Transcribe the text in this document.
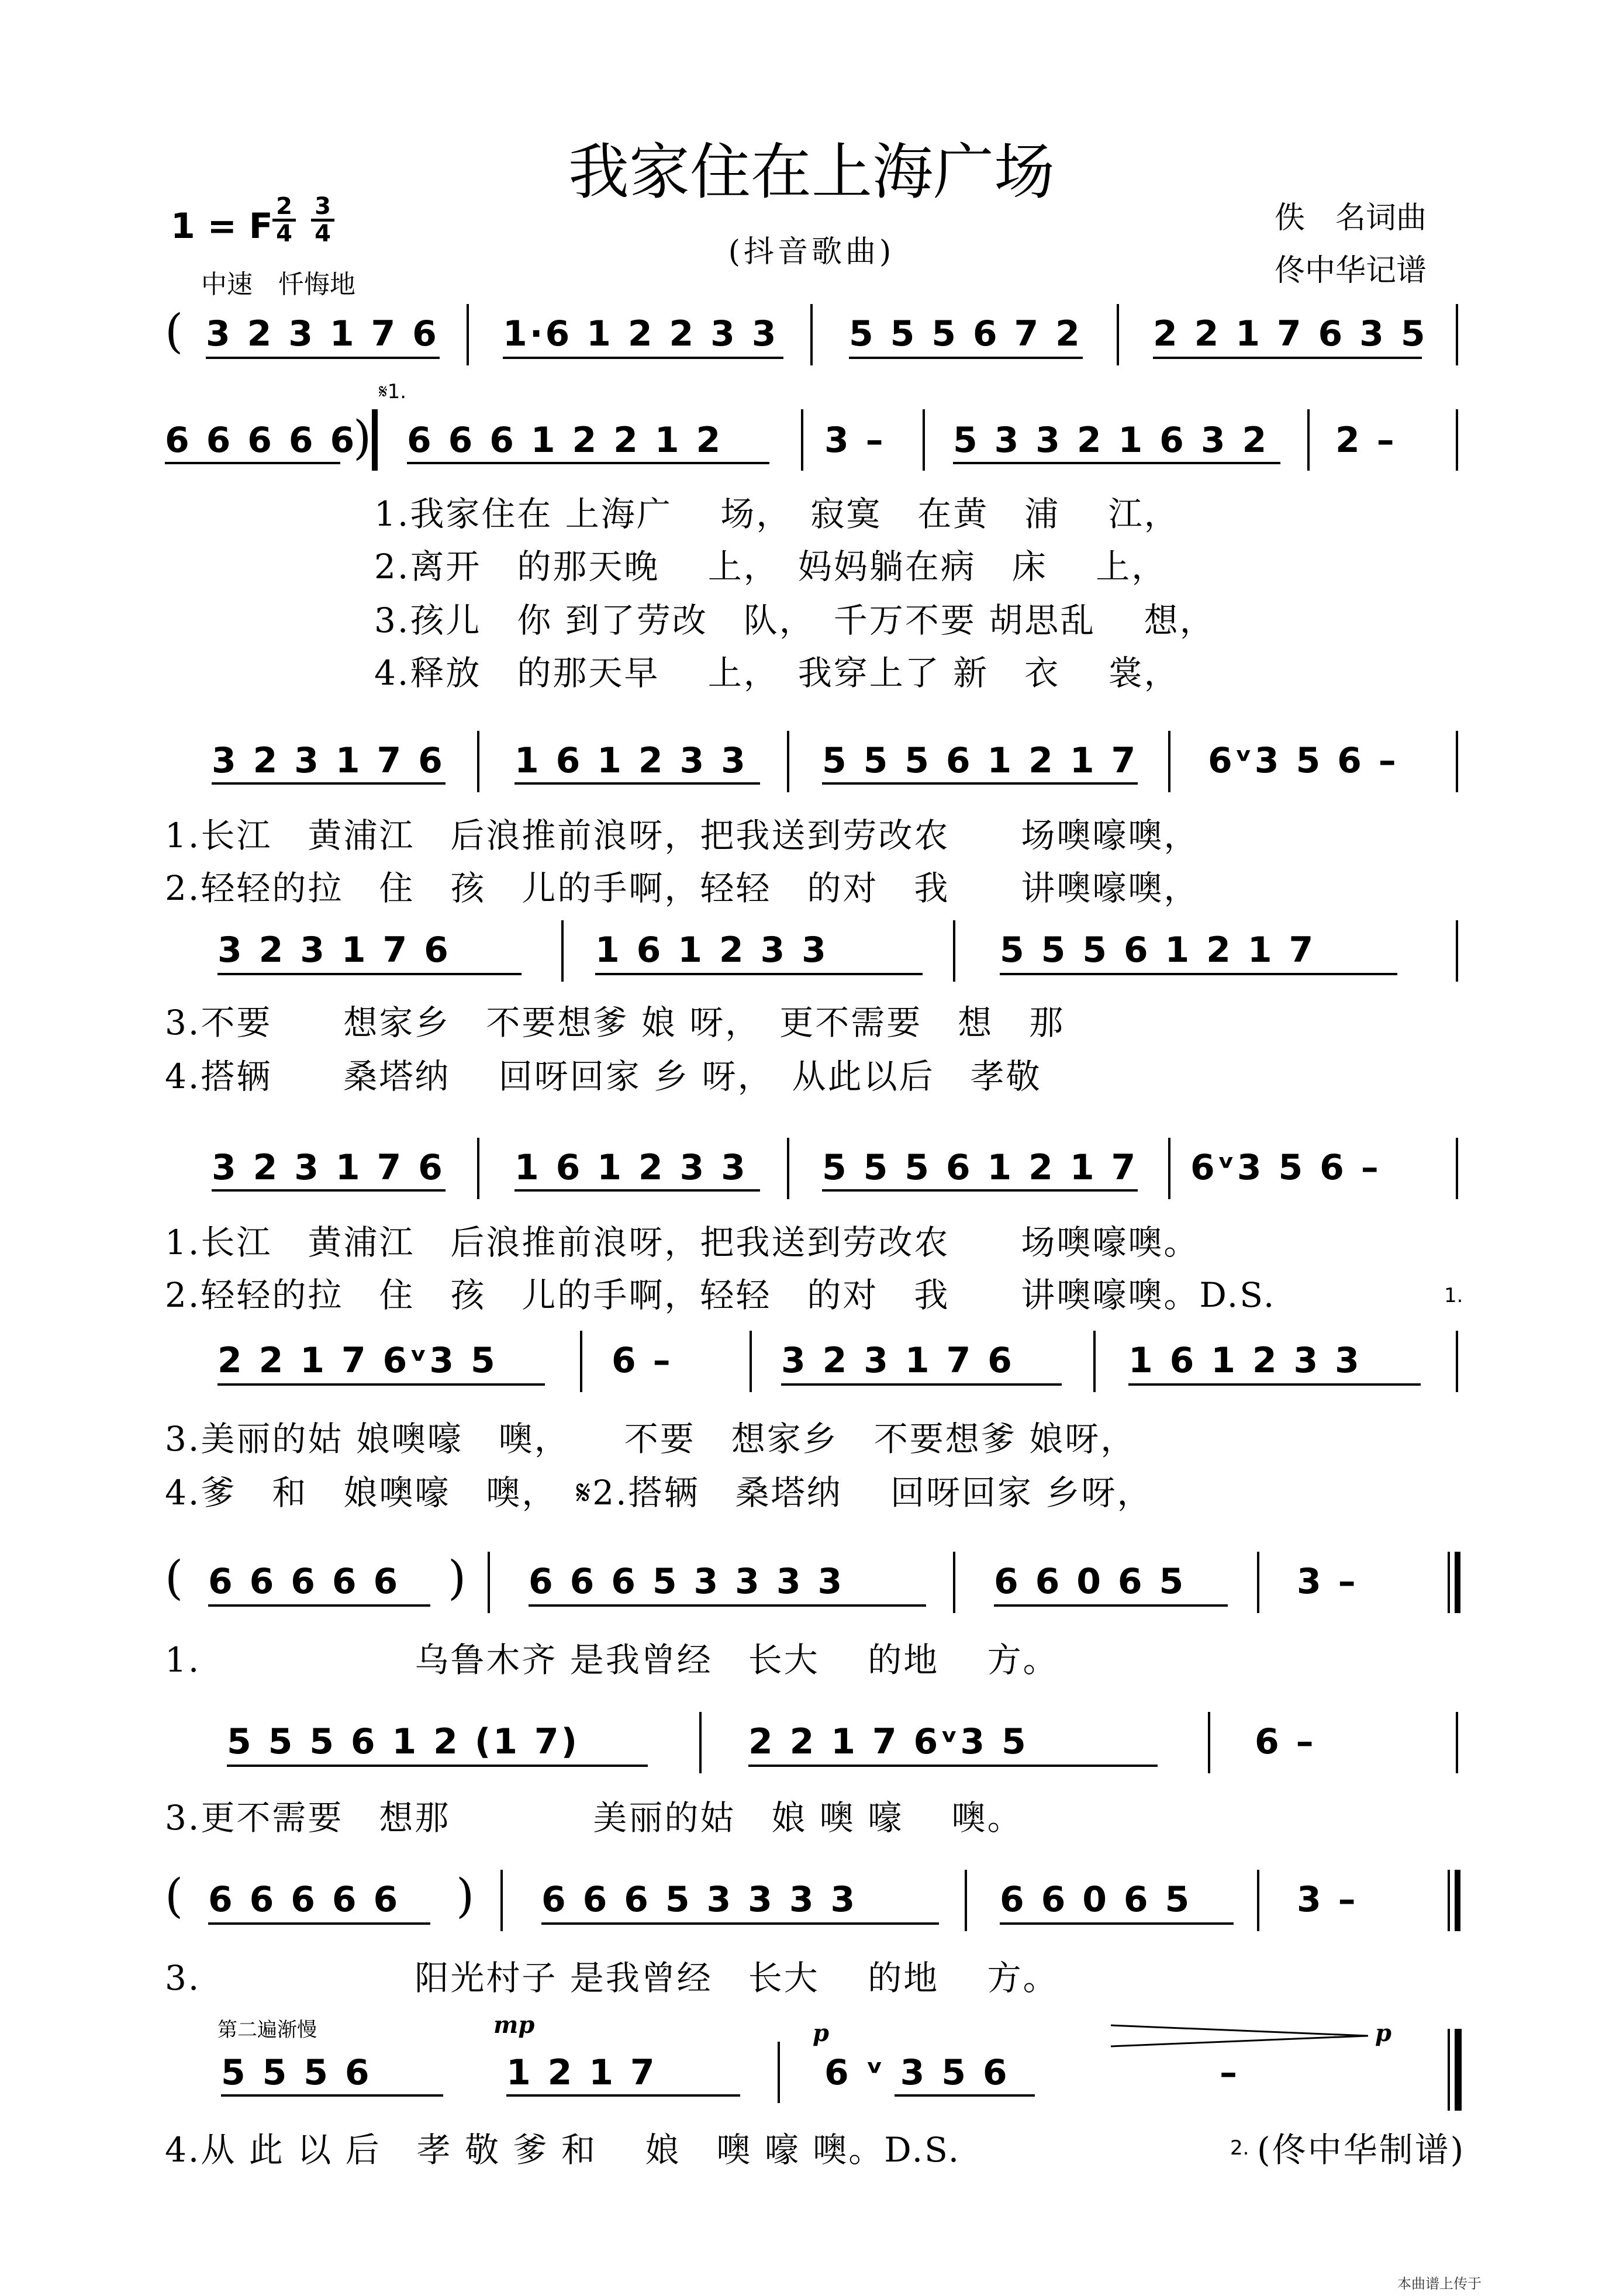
我家住在上海广场
(抖音歌曲)
佚　名词曲
佟中华记谱
1 = F 2
4
3
4
中速　忏悔地
( 3 2 3 1 7 6 1·6 1 2 2 3 3 5 5 5 6 7 2 2 2 1 7 6 3 5
6 6 6 6 6
)
𝄋1.
6 6 6 1 2 2 1 2	3 – 5 3 3 2 1 6 3 2 2 –
1.我家住在 上海广　 场，　寂寞　在黄　浦　 江，
2.离开　的那天晚　 上，　妈妈躺在病　床　 上，
3.孩儿　你 到了劳改　队，　千万不要 胡思乱　 想，
4.释放　的那天早　 上，　我穿上了 新　衣　 裳，
3 2 3 1 7 6 1 6 1 2 3 3 5 5 5 6 1 2 1 7 6ᵛ3 5 6 –
1.长江　黄浦江　后浪推前浪呀，把我送到劳改农　　场噢嚎噢，
2.轻轻的拉　住　孩　儿的手啊，轻轻　的对　我　　讲噢嚎噢，
3 2 3 1 7 6	1 6 1 2 3 3	5 5 5 6 1 2 1 7
3.不要　　想家乡　不要想爹 娘 呀，　更不需要　想　那
4.搭辆　　桑塔纳　 回呀回家 乡 呀，　从此以后　孝敬
3 2 3 1 7 6 1 6 1 2 3 3 5 5 5 6 1 2 1 7 6ᵛ3 5 6 –
1.长江　黄浦江　后浪推前浪呀，把我送到劳改农　　场噢嚎噢。
2.轻轻的拉　住　孩　儿的手啊，轻轻　的对　我　　讲噢嚎噢。D.S.	1.
2 2 1 7 6ᵛ3 5	6 –	3 2 3 1 7 6	1 6 1 2 3 3
3.美丽的姑 娘噢嚎　噢，　　不要　想家乡　不要想爹 娘呀，
4.爹　和　娘噢嚎　噢，　𝄋2.搭辆　桑塔纳　 回呀回家 乡呀，
( 6 6 6 6 6 ) 6 6 6 5 3 3 3 3	6 6 0 6 5	3 –
1.　　　　　　乌鲁木齐 是我曾经　长大　 的地　 方。
5 5 5 6 1 2 (1 7)	2 2 1 7 6ᵛ3 5	6 –
3.更不需要　想那　　　　美丽的姑　娘 噢 嚎　 噢。
( 6 6 6 6 6 ) 6 6 6 5 3 3 3 3	6 6 0 6 5	3 –
3.　　　　　　阳光村子 是我曾经　长大　 的地　 方。
第二遍渐慢	mp	p	p
5 5 5 6	1 2 1 7	6 ᵛ 3 5 6	–
4.从 此 以 后　孝 敬 爹 和　 娘　噢 嚎 噢。D.S.	2. (佟中华制谱)
本曲谱上传于
